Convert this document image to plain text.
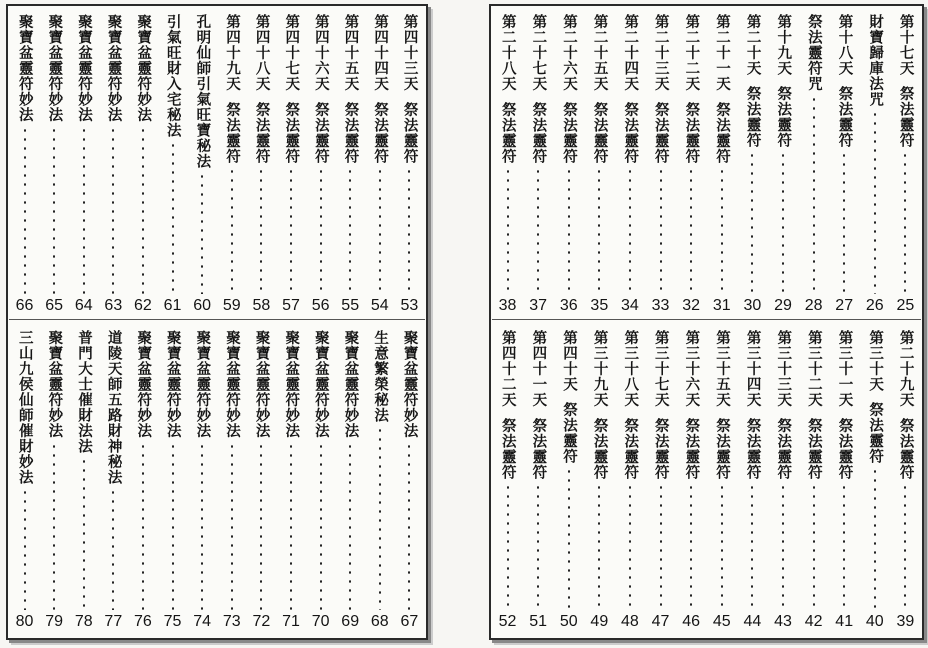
第四十三天
祭法靈符
53
第四十四天
祭法靈符
54
第四十五天
祭法靈符
55
第四十六天
祭法靈符
56
第四十七天
祭法靈符
57
第四十八天
祭法靈符
58
第四十九天
祭法靈符
59
孔明仙師引氣旺寶秘法
60
引氣旺財入宅秘法
61
聚寶盆靈符妙法
62
聚寶盆靈符妙法
63
聚寶盆靈符妙法
64
聚寶盆靈符妙法
65
聚寶盆靈符妙法
66
聚寶盆靈符妙法
67
生意繁榮秘法
68
聚寶盆靈符妙法
69
聚寶盆靈符妙法
70
聚寶盆靈符妙法
71
聚寶盆靈符妙法
72
聚寶盆靈符妙法
73
聚寶盆靈符妙法
74
聚寶盆靈符妙法
75
聚寶盆靈符妙法
76
道陵天師五路財神秘法
77
普門大士催財法法
78
聚寶盆靈符妙法
79
三山九侯仙師催財妙法
80
第十七天
祭法靈符
25
財寶歸庫法咒
26
第十八天
祭法靈符
27
祭法靈符咒
28
第十九天
祭法靈符
29
第二十天
祭法靈符
30
第二十一天
祭法靈符
31
第二十二天
祭法靈符
32
第二十三天
祭法靈符
33
第二十四天
祭法靈符
34
第二十五天
祭法靈符
35
第二十六天
祭法靈符
36
第二十七天
祭法靈符
37
第二十八天
祭法靈符
38
第二十九天
祭法靈符
39
第三十天
祭法靈符
40
第三十一天
祭法靈符
41
第三十二天
祭法靈符
42
第三十三天
祭法靈符
43
第三十四天
祭法靈符
44
第三十五天
祭法靈符
45
第三十六天
祭法靈符
46
第三十七天
祭法靈符
47
第三十八天
祭法靈符
48
第三十九天
祭法靈符
49
第四十天
祭法靈符
50
第四十一天
祭法靈符
51
第四十二天
祭法靈符
52
